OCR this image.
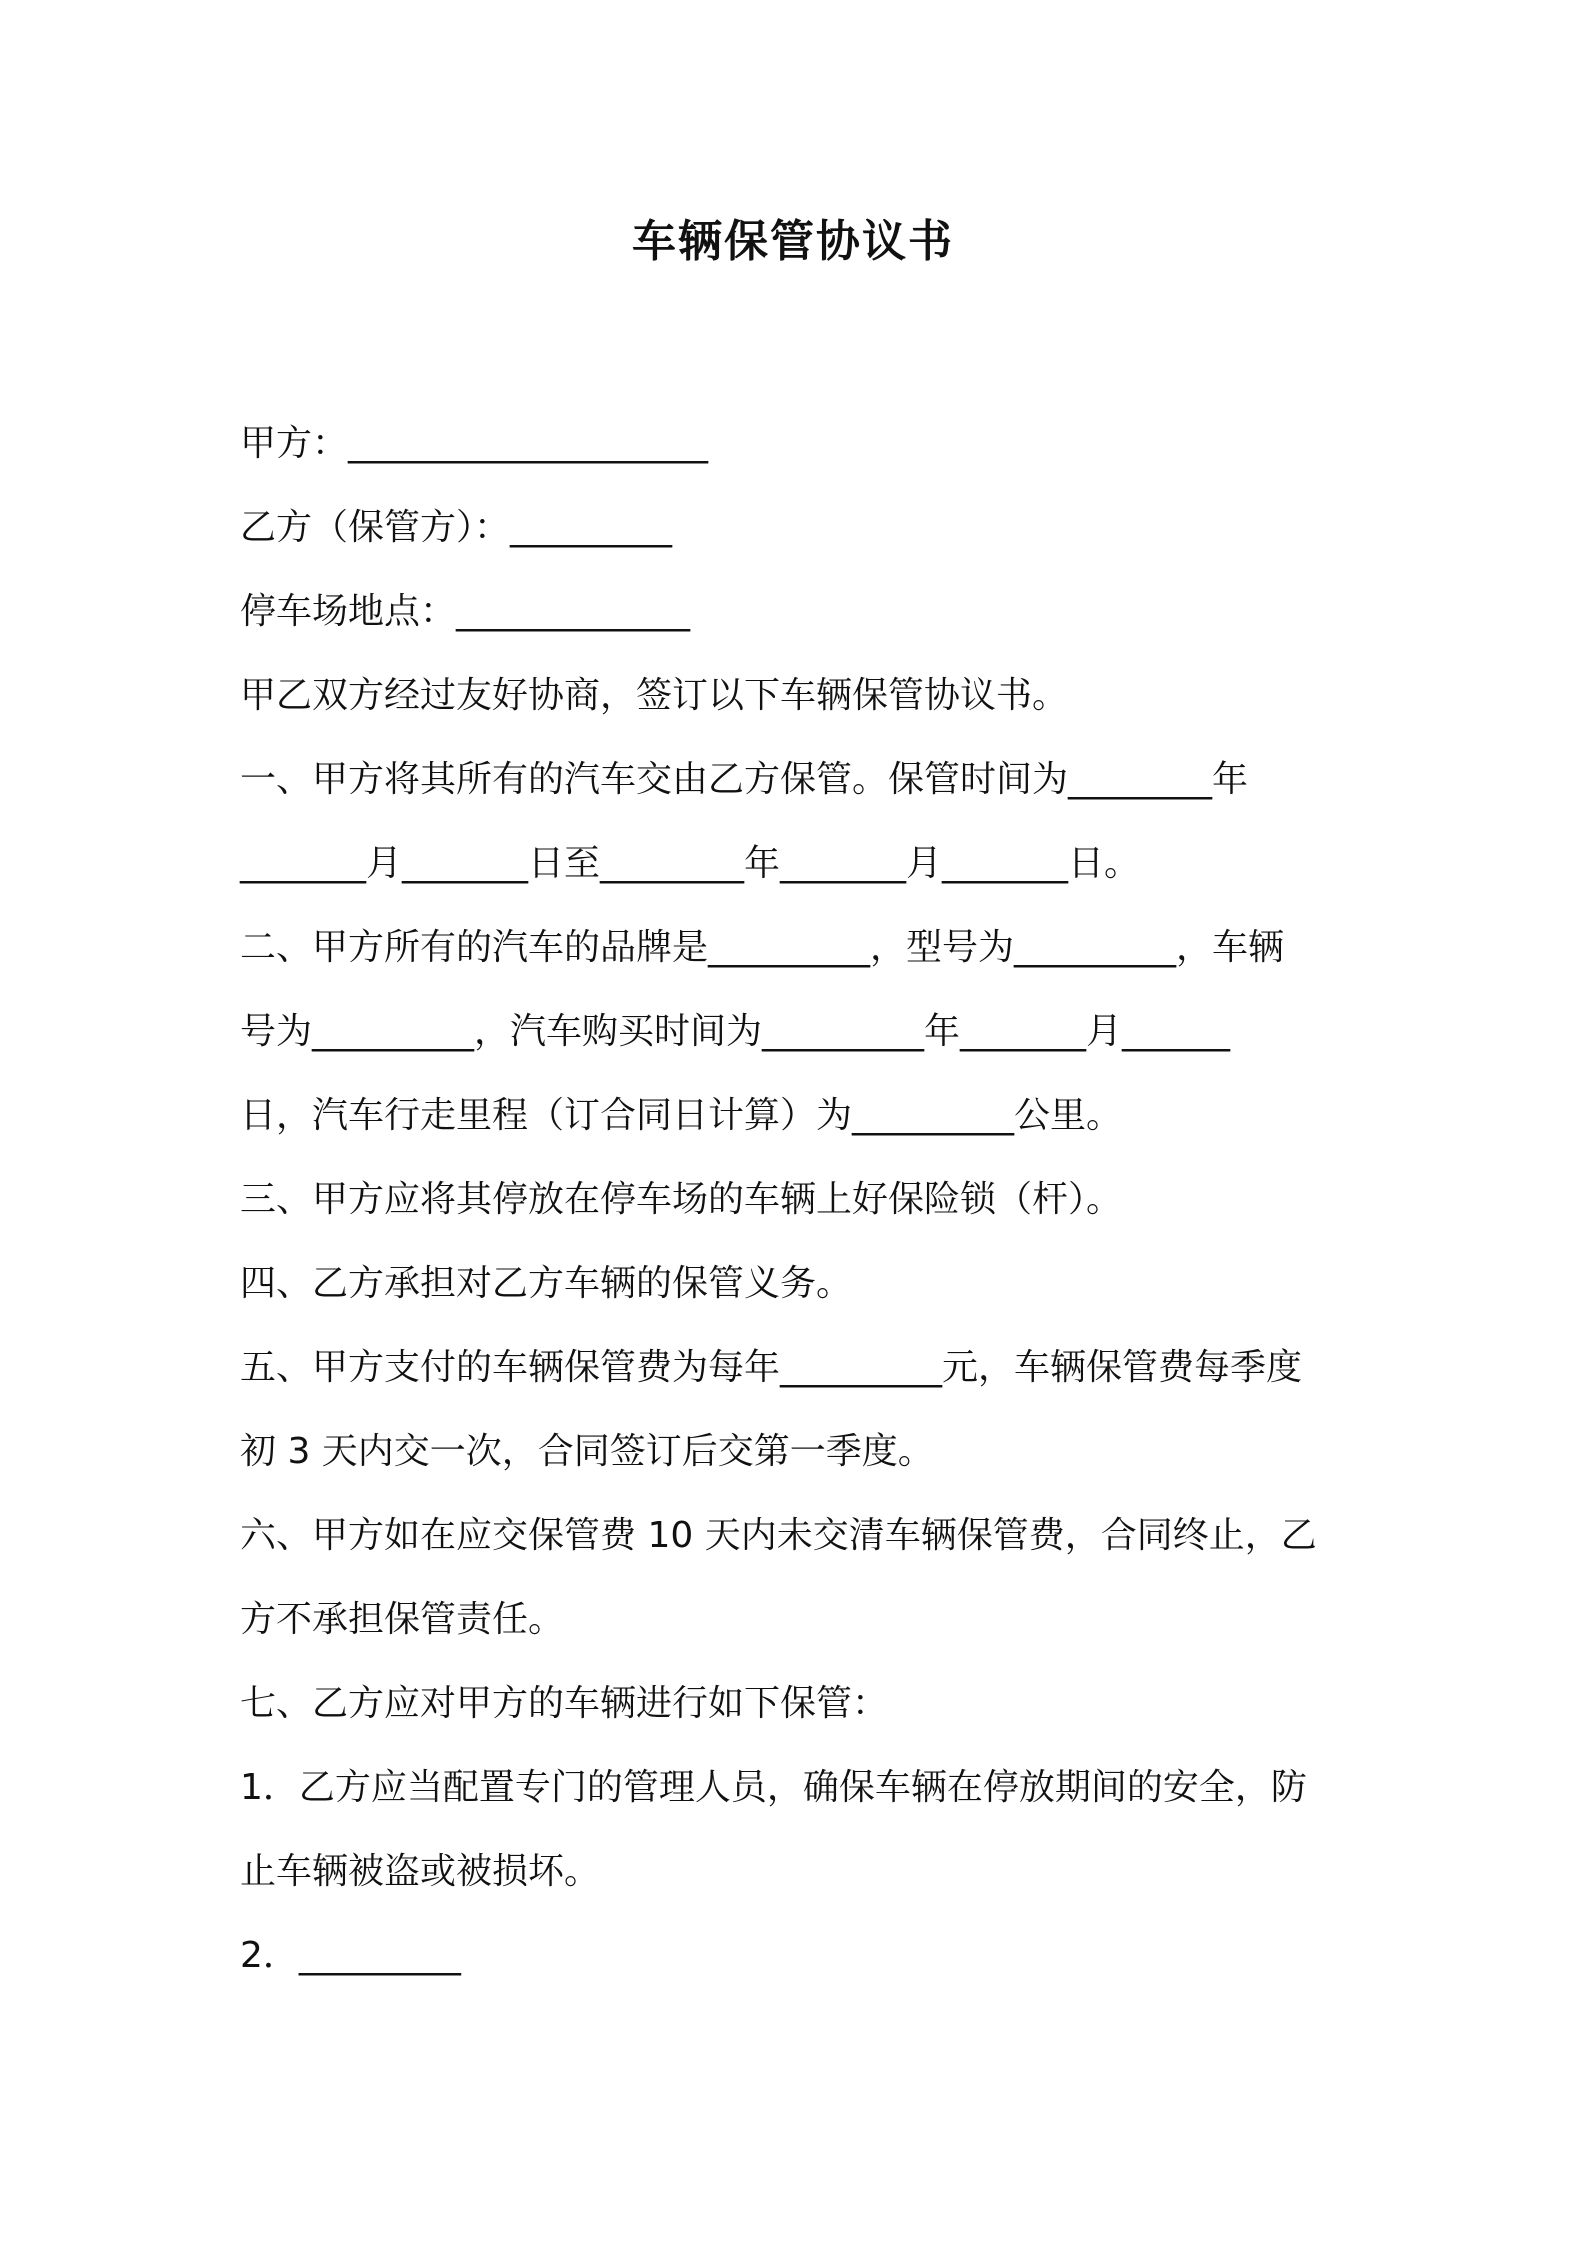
车辆保管协议书

甲方：____________________

乙方（保管方）：_________

停车场地点：_____________

甲乙双方经过友好协商，签订以下车辆保管协议书。

一、甲方将其所有的汽车交由乙方保管。保管时间为________年

_______月_______日至________年_______月_______日。

二、甲方所有的汽车的品牌是_________，型号为_________，车辆

号为_________，汽车购买时间为_________年_______月______

日，汽车行走里程（订合同日计算）为_________公里。

三、甲方应将其停放在停车场的车辆上好保险锁（杆）。

四、乙方承担对乙方车辆的保管义务。

五、甲方支付的车辆保管费为每年_________元，车辆保管费每季度

初 3 天内交一次，合同签订后交第一季度。

六、甲方如在应交保管费 10 天内未交清车辆保管费，合同终止，乙

方不承担保管责任。

七、乙方应对甲方的车辆进行如下保管：

1．乙方应当配置专门的管理人员，确保车辆在停放期间的安全，防

止车辆被盗或被损坏。

2．_________
